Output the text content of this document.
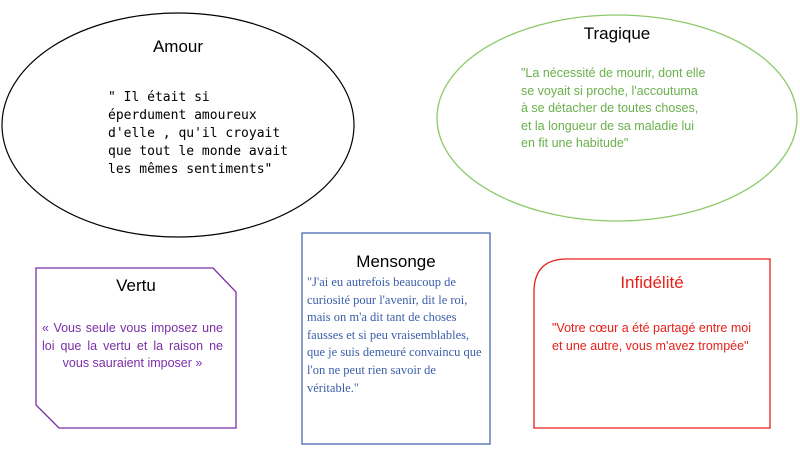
Amour
" Il était si éperdument amoureux d'elle , qu'il croyait que tout le monde avait les mêmes sentiments"
Tragique
"La nécessité de mourir, dont elle se voyait si proche, l'accoutuma à se détacher de toutes choses, et la longueur de sa maladie lui en fit une habitude"
Vertu
« Vous seule vous imposez une loi que la vertu et la raison ne vous sauraient imposer »
Mensonge
"J'ai eu autrefois beaucoup de curiosité pour l'avenir, dit le roi, mais on m'a dit tant de choses fausses et si peu vraisemblables, que je suis demeuré convaincu que l'on ne peut rien savoir de véritable."
Infidélité
"Votre cœur a été partagé entre moi et une autre, vous m'avez trompée"
